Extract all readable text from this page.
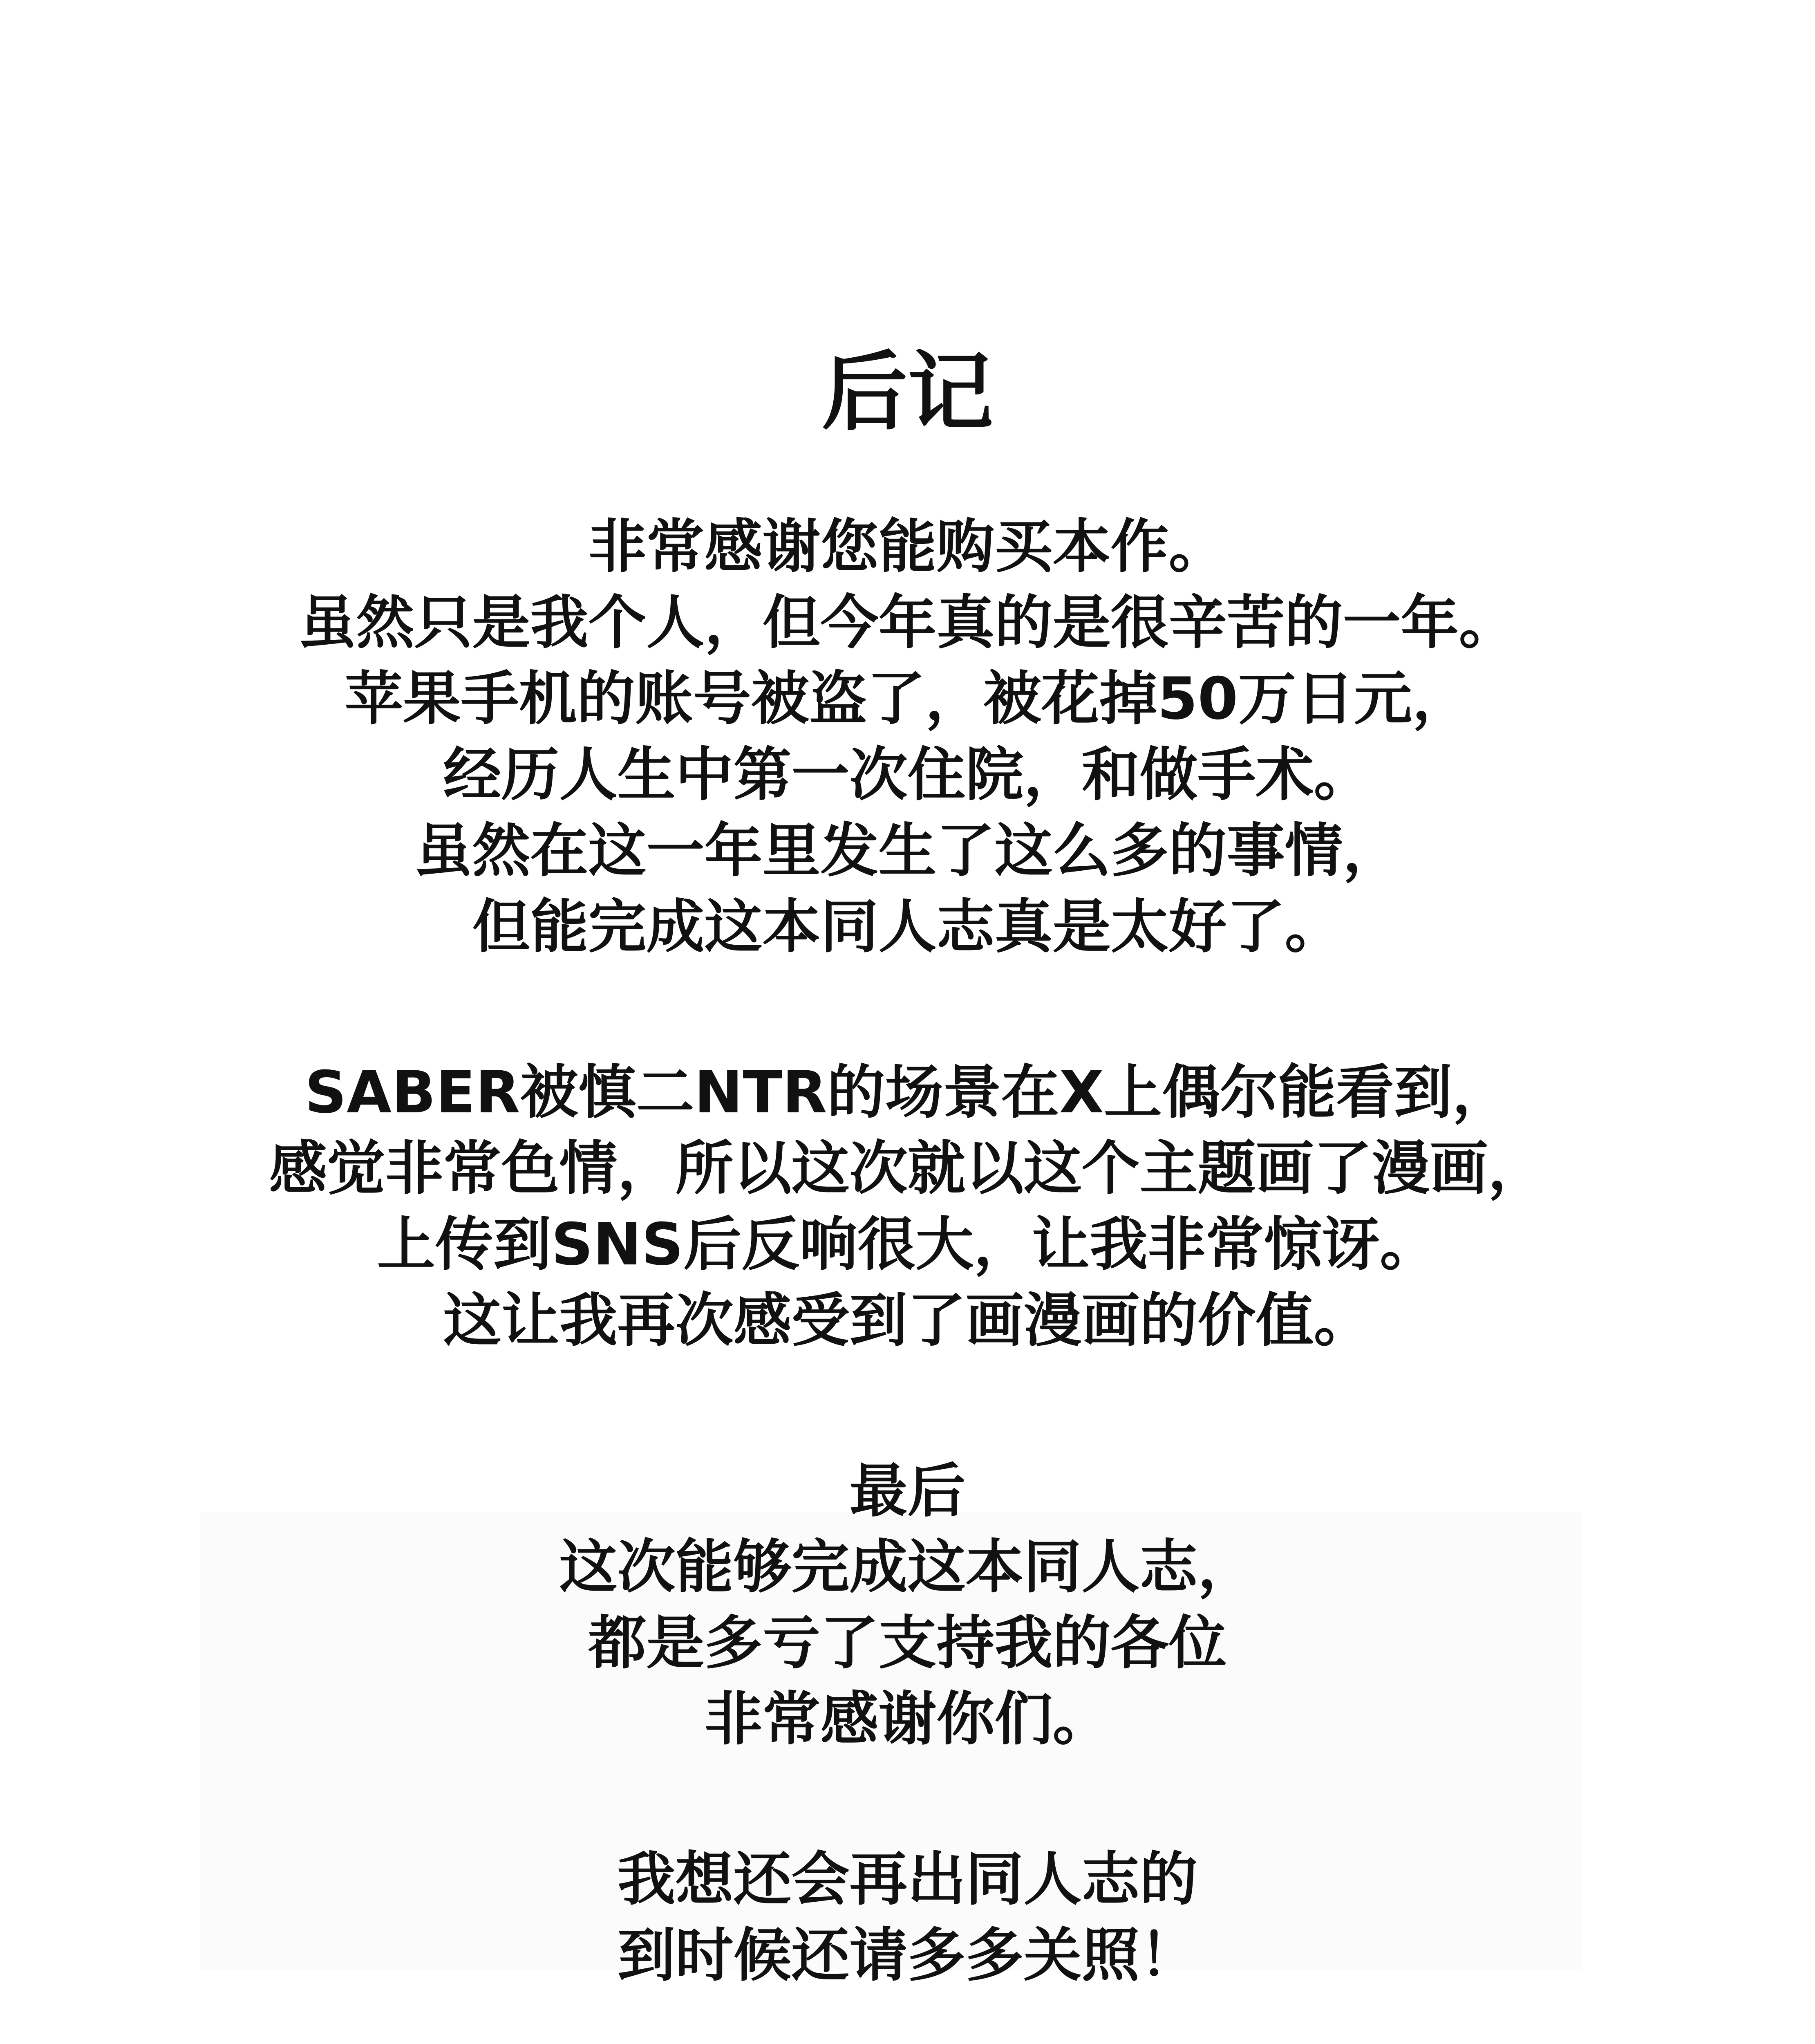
后记
非常感谢您能购买本作。
虽然只是我个人，但今年真的是很辛苦的一年。
苹果手机的账号被盗了，被花掉50万日元，
经历人生中第一次住院，和做手术。
虽然在这一年里发生了这么多的事情，
但能完成这本同人志真是太好了。
SABER被慎二NTR的场景在X上偶尔能看到，
感觉非常色情，所以这次就以这个主题画了漫画，
上传到SNS后反响很大，让我非常惊讶。
这让我再次感受到了画漫画的价值。
最后
这次能够完成这本同人志，
都是多亏了支持我的各位
非常感谢你们。
我想还会再出同人志的
到时候还请多多关照！
